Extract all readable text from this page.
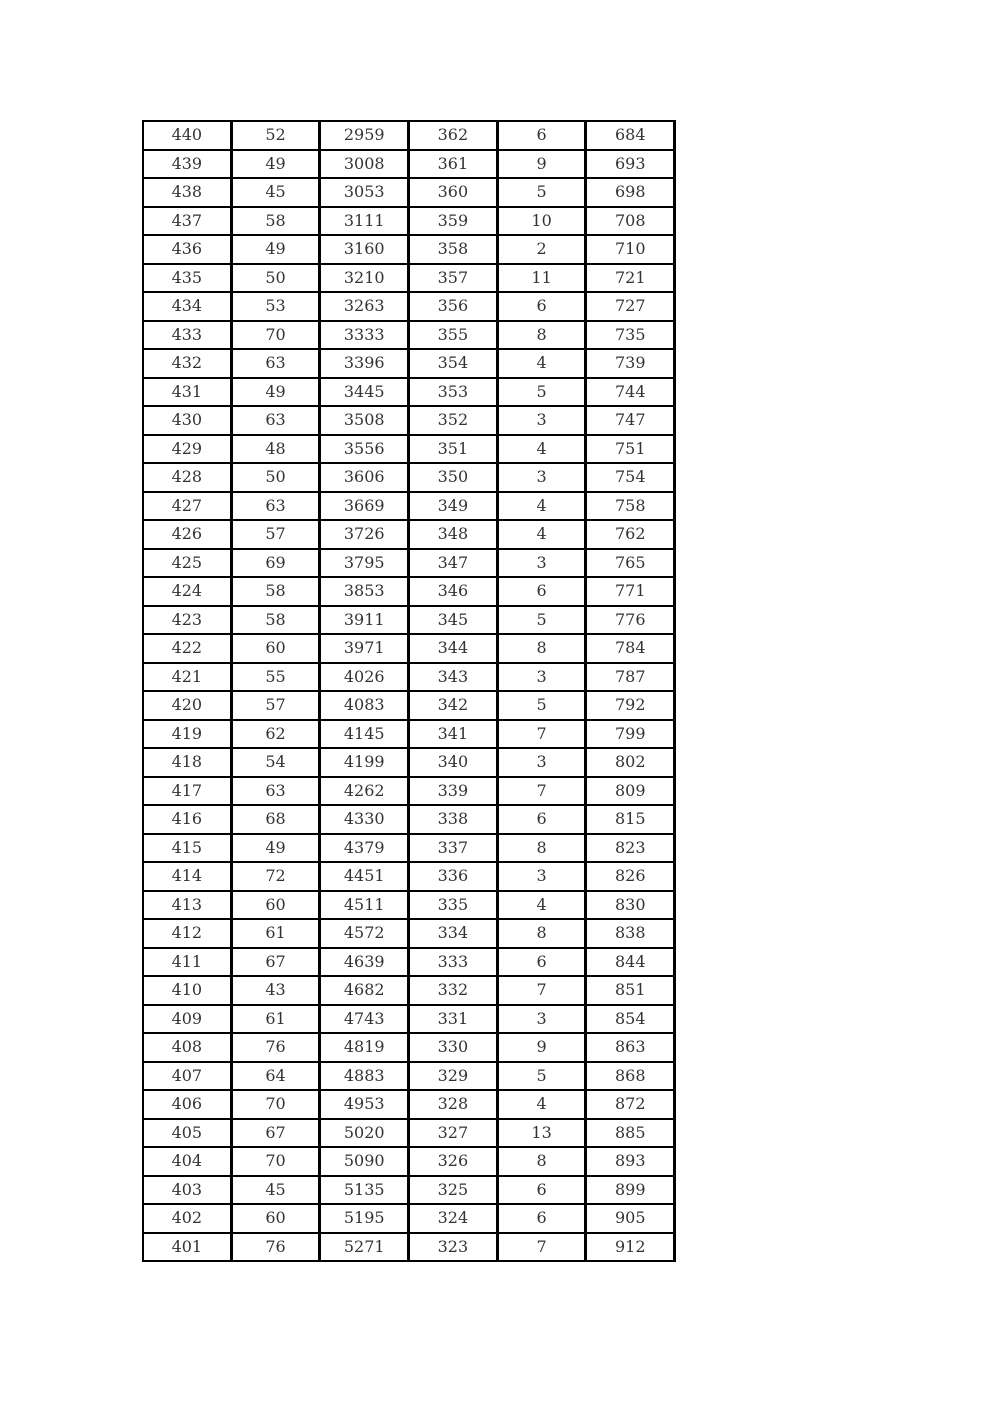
440	52	2959	362	6	684
439	49	3008	361	9	693
438	45	3053	360	5	698
437	58	3111	359	10	708
436	49	3160	358	2	710
435	50	3210	357	11	721
434	53	3263	356	6	727
433	70	3333	355	8	735
432	63	3396	354	4	739
431	49	3445	353	5	744
430	63	3508	352	3	747
429	48	3556	351	4	751
428	50	3606	350	3	754
427	63	3669	349	4	758
426	57	3726	348	4	762
425	69	3795	347	3	765
424	58	3853	346	6	771
423	58	3911	345	5	776
422	60	3971	344	8	784
421	55	4026	343	3	787
420	57	4083	342	5	792
419	62	4145	341	7	799
418	54	4199	340	3	802
417	63	4262	339	7	809
416	68	4330	338	6	815
415	49	4379	337	8	823
414	72	4451	336	3	826
413	60	4511	335	4	830
412	61	4572	334	8	838
411	67	4639	333	6	844
410	43	4682	332	7	851
409	61	4743	331	3	854
408	76	4819	330	9	863
407	64	4883	329	5	868
406	70	4953	328	4	872
405	67	5020	327	13	885
404	70	5090	326	8	893
403	45	5135	325	6	899
402	60	5195	324	6	905
401	76	5271	323	7	912
